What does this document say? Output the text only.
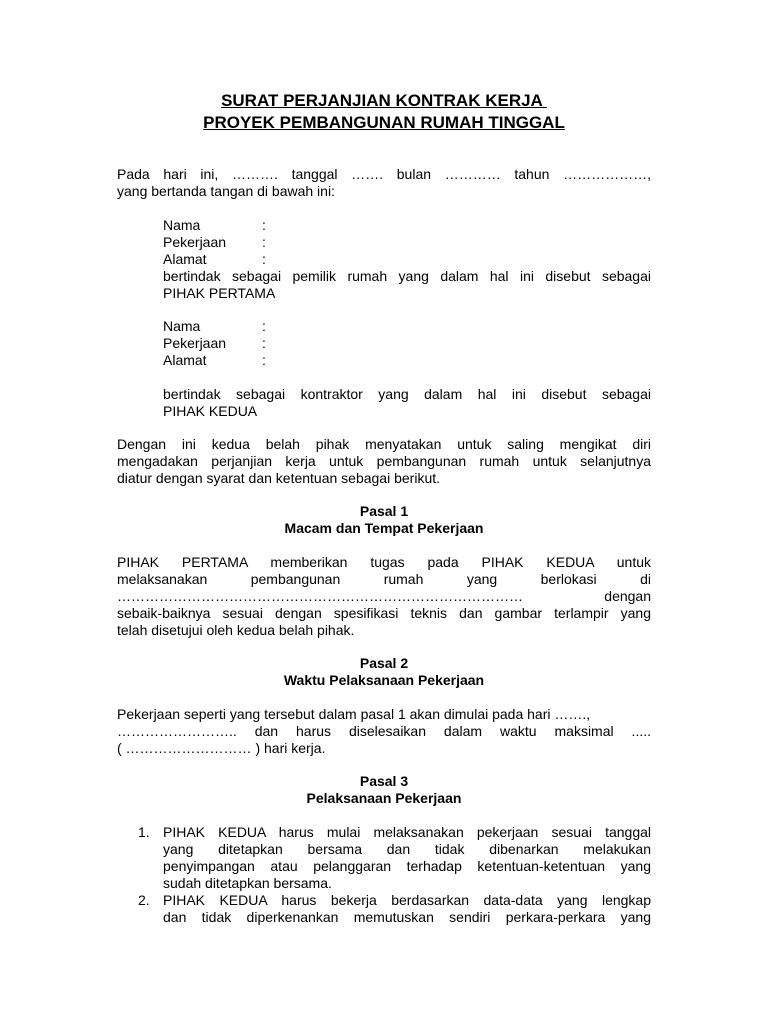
SURAT PERJANJIAN KONTRAK KERJA
PROYEK PEMBANGUNAN RUMAH TINGGAL
Pada hari ini, ………. tanggal ……. bulan ………… tahun ………………,
yang bertanda tangan di bawah ini:
Nama	:
Pekerjaan	:
Alamat	:
bertindak sebagai pemilik rumah yang dalam hal ini disebut sebagai
PIHAK PERTAMA
Nama	:
Pekerjaan	:
Alamat	:
bertindak sebagai kontraktor yang dalam hal ini disebut sebagai
PIHAK KEDUA
Dengan ini kedua belah pihak menyatakan untuk saling mengikat diri
mengadakan perjanjian kerja untuk pembangunan rumah untuk selanjutnya
diatur dengan syarat dan ketentuan sebagai berikut.
Pasal 1
Macam dan Tempat Pekerjaan
PIHAK PERTAMA memberikan tugas pada PIHAK KEDUA untuk
melaksanakan pembangunan rumah yang berlokasi di
…………………………………………………………………………… dengan
sebaik-baiknya sesuai dengan spesifikasi teknis dan gambar terlampir yang
telah disetujui oleh kedua belah pihak.
Pasal 2
Waktu Pelaksanaan Pekerjaan
Pekerjaan seperti yang tersebut dalam pasal 1 akan dimulai pada hari …….,
…………………….. dan harus diselesaikan dalam waktu maksimal .....
( ……………………… ) hari kerja.
Pasal 3
Pelaksanaan Pekerjaan
1. PIHAK KEDUA harus mulai melaksanakan pekerjaan sesuai tanggal
yang ditetapkan bersama dan tidak dibenarkan melakukan
penyimpangan atau pelanggaran terhadap ketentuan-ketentuan yang
sudah ditetapkan bersama.
2. PIHAK KEDUA harus bekerja berdasarkan data-data yang lengkap
dan tidak diperkenankan memutuskan sendiri perkara-perkara yang
